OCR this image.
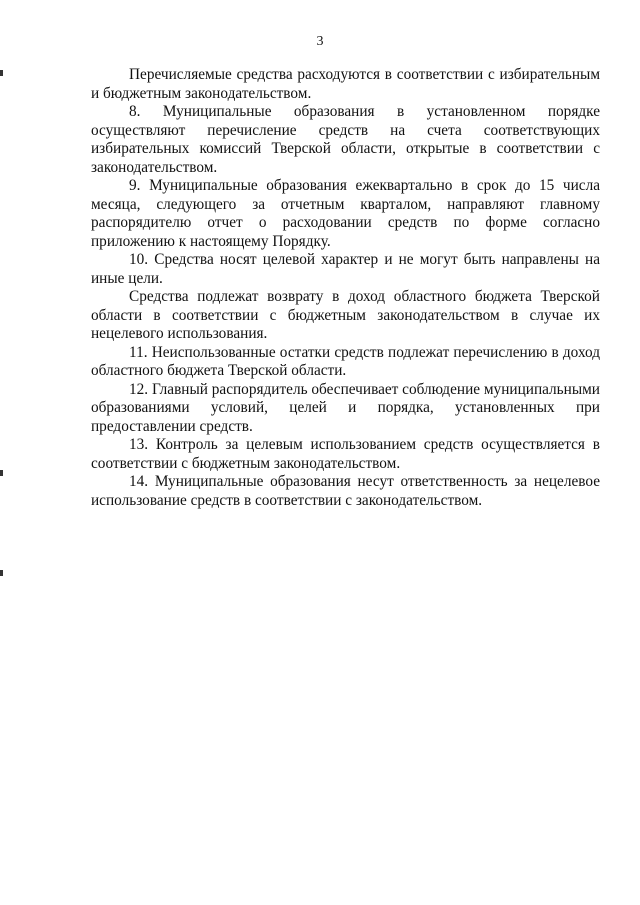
3

Перечисляемые средства расходуются в соответствии с избирательным и бюджетным законодательством.

8. Муниципальные образования в установленном порядке осуществляют перечисление средств на счета соответствующих избирательных комиссий Тверской области, открытые в соответствии с законодательством.

9. Муниципальные образования ежеквартально в срок до 15 числа месяца, следующего за отчетным кварталом, направляют главному распорядителю отчет о расходовании средств по форме согласно приложению к настоящему Порядку.

10. Средства носят целевой характер и не могут быть направлены на иные цели.

Средства подлежат возврату в доход областного бюджета Тверской области в соответствии с бюджетным законодательством в случае их нецелевого использования.

11. Неиспользованные остатки средств подлежат перечислению в доход областного бюджета Тверской области.

12. Главный распорядитель обеспечивает соблюдение муниципальными образованиями условий, целей и порядка, установленных при предоставлении средств.

13. Контроль за целевым использованием средств осуществляется в соответствии с бюджетным законодательством.

14. Муниципальные образования несут ответственность за нецелевое использование средств в соответствии с законодательством.
